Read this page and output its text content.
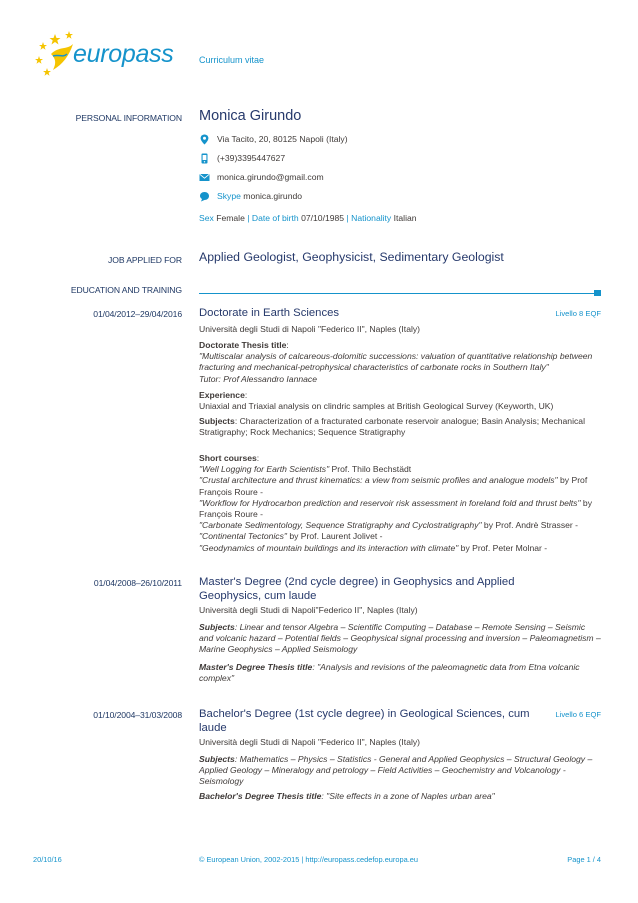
europass	Curriculum vitae
PERSONAL INFORMATION Monica Girundo
Via Tacito, 20, 80125 Napoli (Italy)
(+39)3395447627
monica.girundo@gmail.com
Skype monica.girundo
Sex Female | Date of birth 07/10/1985 | Nationality Italian
JOB APPLIED FOR Applied Geologist, Geophysicist, Sedimentary Geologist
EDUCATION AND TRAINING
01/04/2012–29/04/2016 Doctorate in Earth Sciences	Livello 8 EQF
Università degli Studi di Napoli "Federico II", Naples (Italy)
Doctorate Thesis title:
"Multiscalar analysis of calcareous-dolomitic successions: valuation of quantitative relationship between fracturing and mechanical-petrophysical characteristics of carbonate rocks in Southern Italy"
Tutor: Prof Alessandro Iannace
Experience:
Uniaxial and Triaxial analysis on clindric samples at British Geological Survey (Keyworth, UK)
Subjects: Characterization of a fracturated carbonate reservoir analogue; Basin Analysis; Mechanical Stratigraphy; Rock Mechanics; Sequence Stratigraphy
Short courses:
"Well Logging for Earth Scientists" Prof. Thilo Bechstädt
"Crustal architecture and thrust kinematics: a view from seismic profiles and analogue models" by Prof François Roure -
"Workflow for Hydrocarbon prediction and reservoir risk assessment in foreland fold and thrust belts" by François Roure -
"Carbonate Sedimentology, Sequence Stratigraphy and Cyclostratigraphy" by Prof. Andrè Strasser -
"Continental Tectonics" by Prof. Laurent Jolivet -
"Geodynamics of mountain buildings and its interaction with climate" by Prof. Peter Molnar -
01/04/2008–26/10/2011 Master's Degree (2nd cycle degree) in Geophysics and Applied Geophysics, cum laude
Università degli Studi di Napoli"Federico II", Naples (Italy)
Subjects: Linear and tensor Algebra – Scientific Computing – Database – Remote Sensing – Seismic and volcanic hazard – Potential fields – Geophysical signal processing and inversion – Paleomagnetism – Marine Geophysics – Applied Seismology
Master's Degree Thesis title: "Analysis and revisions of the paleomagnetic data from Etna volcanic complex"
01/10/2004–31/03/2008 Bachelor's Degree (1st cycle degree) in Geological Sciences, cum laude
Livello 6 EQF
Università degli Studi di Napoli "Federico II", Naples (Italy)
Subjects: Mathematics – Physics – Statistics - General and Applied Geophysics – Structural Geology – Applied Geology – Mineralogy and petrology – Field Activities – Geochemistry and Volcanology - Seismology
Bachelor's Degree Thesis title: "Site effects in a zone of Naples urban area"
20/10/16	© European Union, 2002-2015 | http://europass.cedefop.europa.eu	Page 1 / 4
